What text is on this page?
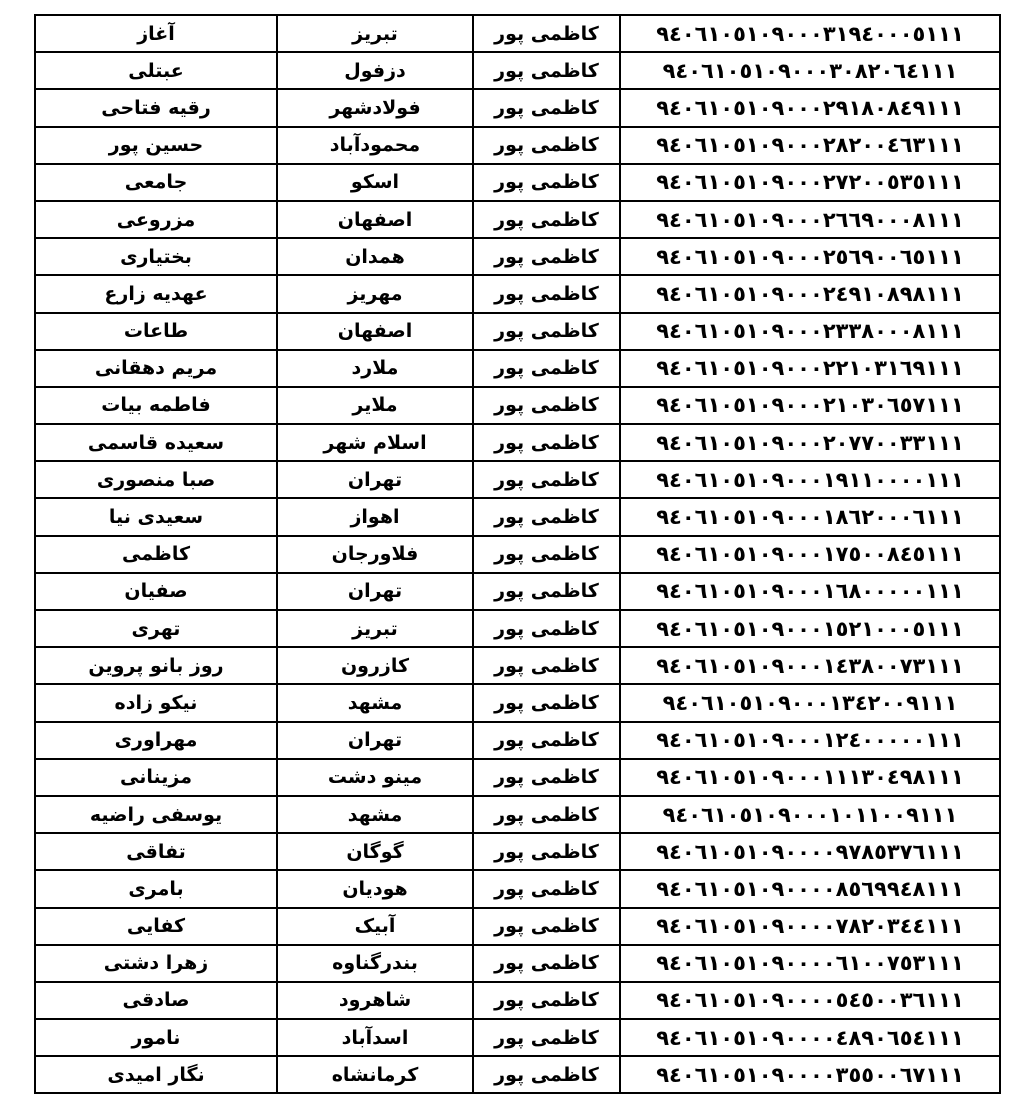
آغاز	تبریز	کاظمی پور	۹٤۰٦۱۰٥۱۰۹۰۰۰۳۱۹٤۰۰۰٥۱۱۱
عبتلی	دزفول	کاظمی پور	۹٤۰٦۱۰٥۱۰۹۰۰۰۳۰۸۲۰٦٤۱۱۱
رقیه فتاحی	فولادشهر	کاظمی پور	۹٤۰٦۱۰٥۱۰۹۰۰۰۲۹۱۸۰۸٤۹۱۱۱
حسین پور	محمودآباد	کاظمی پور	۹٤۰٦۱۰٥۱۰۹۰۰۰۲۸۲۰۰٤٦۳۱۱۱
جامعی	اسکو	کاظمی پور	۹٤۰٦۱۰٥۱۰۹۰۰۰۲۷۲۰۰٥۳٥۱۱۱
مزروعی	اصفهان	کاظمی پور	۹٤۰٦۱۰٥۱۰۹۰۰۰۲٦٦۹۰۰۰۸۱۱۱
بختیاری	همدان	کاظمی پور	۹٤۰٦۱۰٥۱۰۹۰۰۰۲٥٦۹۰۰٦٥۱۱۱
عهدیه زارع	مهریز	کاظمی پور	۹٤۰٦۱۰٥۱۰۹۰۰۰۲٤۹۱۰۸۹۸۱۱۱
طاعات	اصفهان	کاظمی پور	۹٤۰٦۱۰٥۱۰۹۰۰۰۲۳۳۸۰۰۰۸۱۱۱
مریم دهقانی	ملارد	کاظمی پور	۹٤۰٦۱۰٥۱۰۹۰۰۰۲۲۱۰۳۱٦۹۱۱۱
فاطمه بیات	ملایر	کاظمی پور	۹٤۰٦۱۰٥۱۰۹۰۰۰۲۱۰۳۰٦٥۷۱۱۱
سعیده قاسمی	اسلام شهر	کاظمی پور	۹٤۰٦۱۰٥۱۰۹۰۰۰۲۰۷۷۰۰۳۳۱۱۱
صبا منصوری	تهران	کاظمی پور	۹٤۰٦۱۰٥۱۰۹۰۰۰۱۹۱۱۰۰۰۰۱۱۱
سعیدی نیا	اهواز	کاظمی پور	۹٤۰٦۱۰٥۱۰۹۰۰۰۱۸٦۲۰۰۰٦۱۱۱
کاظمی	فلاورجان	کاظمی پور	۹٤۰٦۱۰٥۱۰۹۰۰۰۱۷٥۰۰۸٤٥۱۱۱
صفیان	تهران	کاظمی پور	۹٤۰٦۱۰٥۱۰۹۰۰۰۱٦۸۰۰۰۰۰۱۱۱
تهری	تبریز	کاظمی پور	۹٤۰٦۱۰٥۱۰۹۰۰۰۱٥۲۱۰۰۰٥۱۱۱
روز بانو پروین	کازرون	کاظمی پور	۹٤۰٦۱۰٥۱۰۹۰۰۰۱٤۳۸۰۰۷۳۱۱۱
نیکو زاده	مشهد	کاظمی پور	۹٤۰٦۱۰٥۱۰۹۰۰۰۱۳٤۲۰۰۹۱۱۱
مهراوری	تهران	کاظمی پور	۹٤۰٦۱۰٥۱۰۹۰۰۰۱۲٤۰۰۰۰۰۱۱۱
مزینانی	مینو دشت	کاظمی پور	۹٤۰٦۱۰٥۱۰۹۰۰۰۱۱۱۳۰٤۹۸۱۱۱
یوسفی راضیه	مشهد	کاظمی پور	۹٤۰٦۱۰٥۱۰۹۰۰۰۱۰۱۱۰۰۹۱۱۱
تفاقی	گوگان	کاظمی پور	۹٤۰٦۱۰٥۱۰۹۰۰۰۰۹۷۸٥۳۷٦۱۱۱
بامری	هودیان	کاظمی پور	۹٤۰٦۱۰٥۱۰۹۰۰۰۰۸٥٦۹۹٤۸۱۱۱
کفایی	آبیک	کاظمی پور	۹٤۰٦۱۰٥۱۰۹۰۰۰۰۷۸۲۰۳٤٤۱۱۱
زهرا دشتی	بندرگناوه	کاظمی پور	۹٤۰٦۱۰٥۱۰۹۰۰۰۰٦۱۰۰۷٥۳۱۱۱
صادقی	شاهرود	کاظمی پور	۹٤۰٦۱۰٥۱۰۹۰۰۰۰٥٤٥۰۰۳٦۱۱۱
نامور	اسدآباد	کاظمی پور	۹٤۰٦۱۰٥۱۰۹۰۰۰۰٤۸۹۰٦٥٤۱۱۱
نگار امیدی	کرمانشاه	کاظمی پور	۹٤۰٦۱۰٥۱۰۹۰۰۰۰۳٥٥۰۰٦۷۱۱۱
